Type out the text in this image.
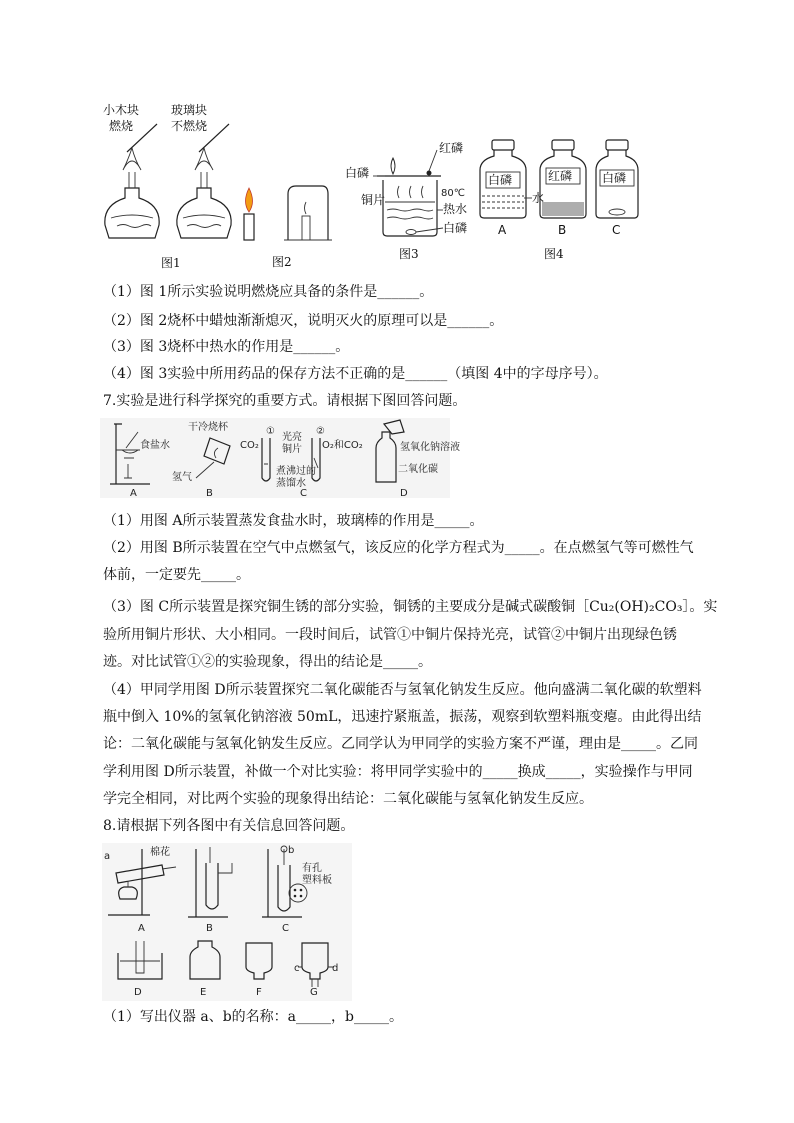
小木块
燃烧
玻璃块
不燃烧
图1	图2
红磷
白磷
铜片	80℃
热水
白磷
图3
白磷	红磷 白磷
水
A	B	C
图4
（1）图 1所示实验说明燃烧应具备的条件是______。
（2）图 2烧杯中蜡烛渐渐熄灭，说明灭火的原理可以是______。
（3）图 3烧杯中热水的作用是______。
（4）图 3实验中所用药品的保存方法不正确的是______（填图 4中的字母序号）。
7.实验是进行科学探究的重要方式。请根据下图回答问题。
食盐水
干冷烧杯
氢气
①	②
CO₂
光亮
铜片 O₂和CO₂
煮沸过的
蒸馏水
氢氧化钠溶液
二氧化碳
A	B	C	D
（1）用图 A所示装置蒸发食盐水时，玻璃棒的作用是_____。
（2）用图 B所示装置在空气中点燃氢气，该反应的化学方程式为_____。在点燃氢气等可燃性气
体前，一定要先_____。
（3）图 C所示装置是探究铜生锈的部分实验，铜锈的主要成分是碱式碳酸铜［Cu₂(OH)₂CO₃］。实
验所用铜片形状、大小相同。一段时间后，试管①中铜片保持光亮，试管②中铜片出现绿色锈
迹。对比试管①②的实验现象，得出的结论是_____。
（4）甲同学用图 D所示装置探究二氧化碳能否与氢氧化钠发生反应。他向盛满二氧化碳的软塑料
瓶中倒入 10%的氢氧化钠溶液 50mL，迅速拧紧瓶盖，振荡，观察到软塑料瓶变瘪。由此得出结
论：二氧化碳能与氢氧化钠发生反应。乙同学认为甲同学的实验方案不严谨，理由是_____。乙同
学利用图 D所示装置，补做一个对比实验：将甲同学实验中的_____换成_____，实验操作与甲同
学完全相同，对比两个实验的现象得出结论：二氧化碳能与氢氧化钠发生反应。
8.请根据下列各图中有关信息回答问题。
a	棉花	b
有孔
塑料板
A	B	C
c	d
D	E	F	G
（1）写出仪器 a、b的名称：a_____，b_____。
